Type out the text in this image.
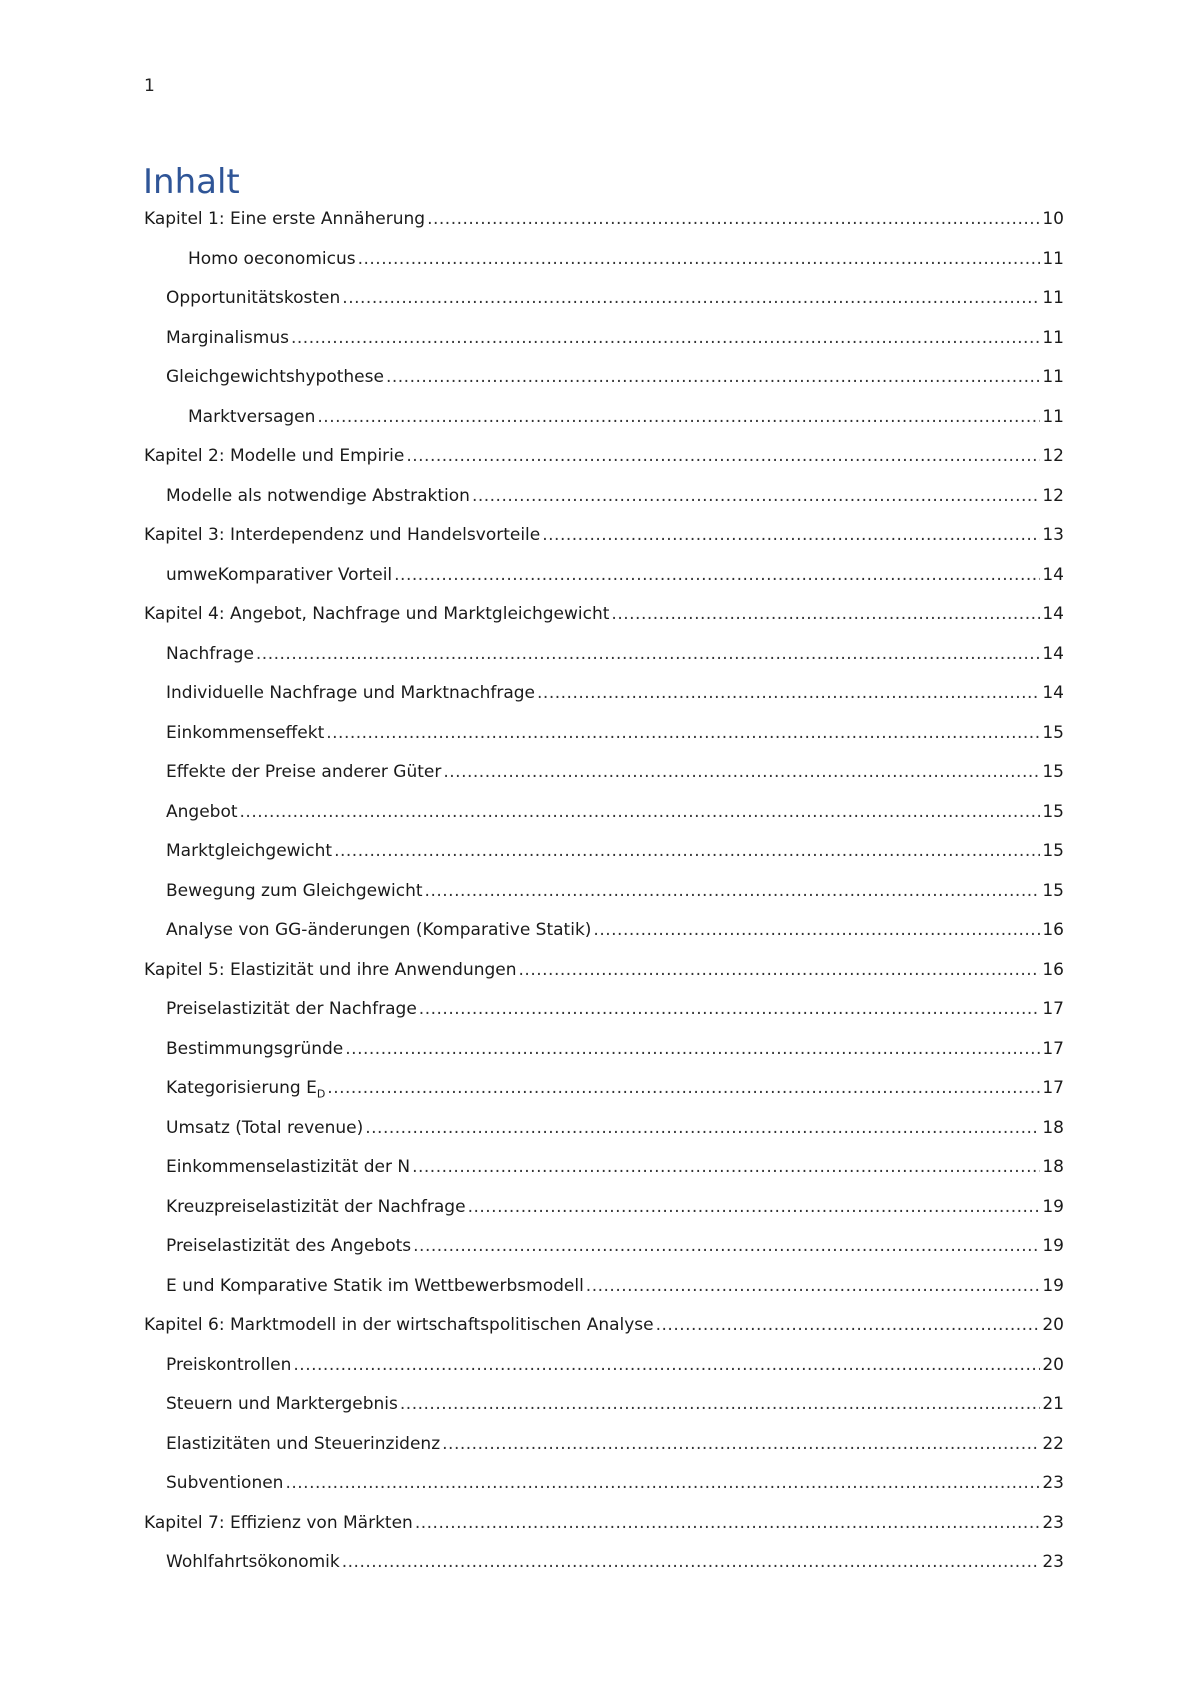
1
Inhalt
Kapitel 1: Eine erste Annäherung .....	10
Homo oeconomicus .....	11
Opportunitätskosten .....	11
Marginalismus .....	11
Gleichgewichtshypothese .....	11
Marktversagen .....	11
Kapitel 2: Modelle und Empirie .....	12
Modelle als notwendige Abstraktion .....	12
Kapitel 3: Interdependenz und Handelsvorteile .....	13
umweKomparativer Vorteil .....	14
Kapitel 4: Angebot, Nachfrage und Marktgleichgewicht .....	14
Nachfrage .....	14
Individuelle Nachfrage und Marktnachfrage .....	14
Einkommenseffekt .....	15
Effekte der Preise anderer Güter .....	15
Angebot .....	15
Marktgleichgewicht .....	15
Bewegung zum Gleichgewicht .....	15
Analyse von GG-änderungen (Komparative Statik) .....	16
Kapitel 5: Elastizität und ihre Anwendungen .....	16
Preiselastizität der Nachfrage .....	17
Bestimmungsgründe .....	17
Kategorisierung $E_D$ .....	17
Umsatz (Total revenue) .....	18
Einkommenselastizität der N .....	18
Kreuzpreiselastizität der Nachfrage .....	19
Preiselastizität des Angebots .....	19
E und Komparative Statik im Wettbewerbsmodell .....	19
Kapitel 6: Marktmodell in der wirtschaftspolitischen Analyse .....	20
Preiskontrollen .....	20
Steuern und Marktergebnis .....	21
Elastizitäten und Steuerinzidenz .....	22
Subventionen .....	23
Kapitel 7: Effizienz von Märkten .....	23
Wohlfahrtsökonomik .....	23
